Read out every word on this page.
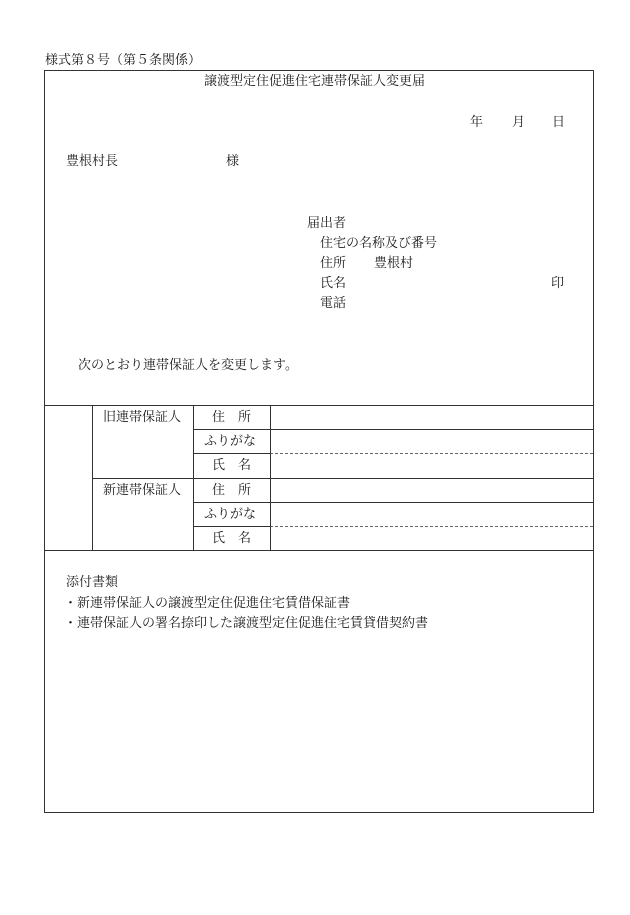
様式第８号（第５条関係）
譲渡型定住促進住宅連帯保証人変更届
年 月 日
豊根村長	様
届出者
住宅の名称及び番号
住所 豊根村
氏名	印
電話
次のとおり連帯保証人を変更します。
旧連帯保証人 住　所
ふりがな
氏　名
新連帯保証人 住　所
ふりがな
氏　名
添付書類
・新連帯保証人の譲渡型定住促進住宅賃借保証書
・連帯保証人の署名捺印した譲渡型定住促進住宅賃貸借契約書
